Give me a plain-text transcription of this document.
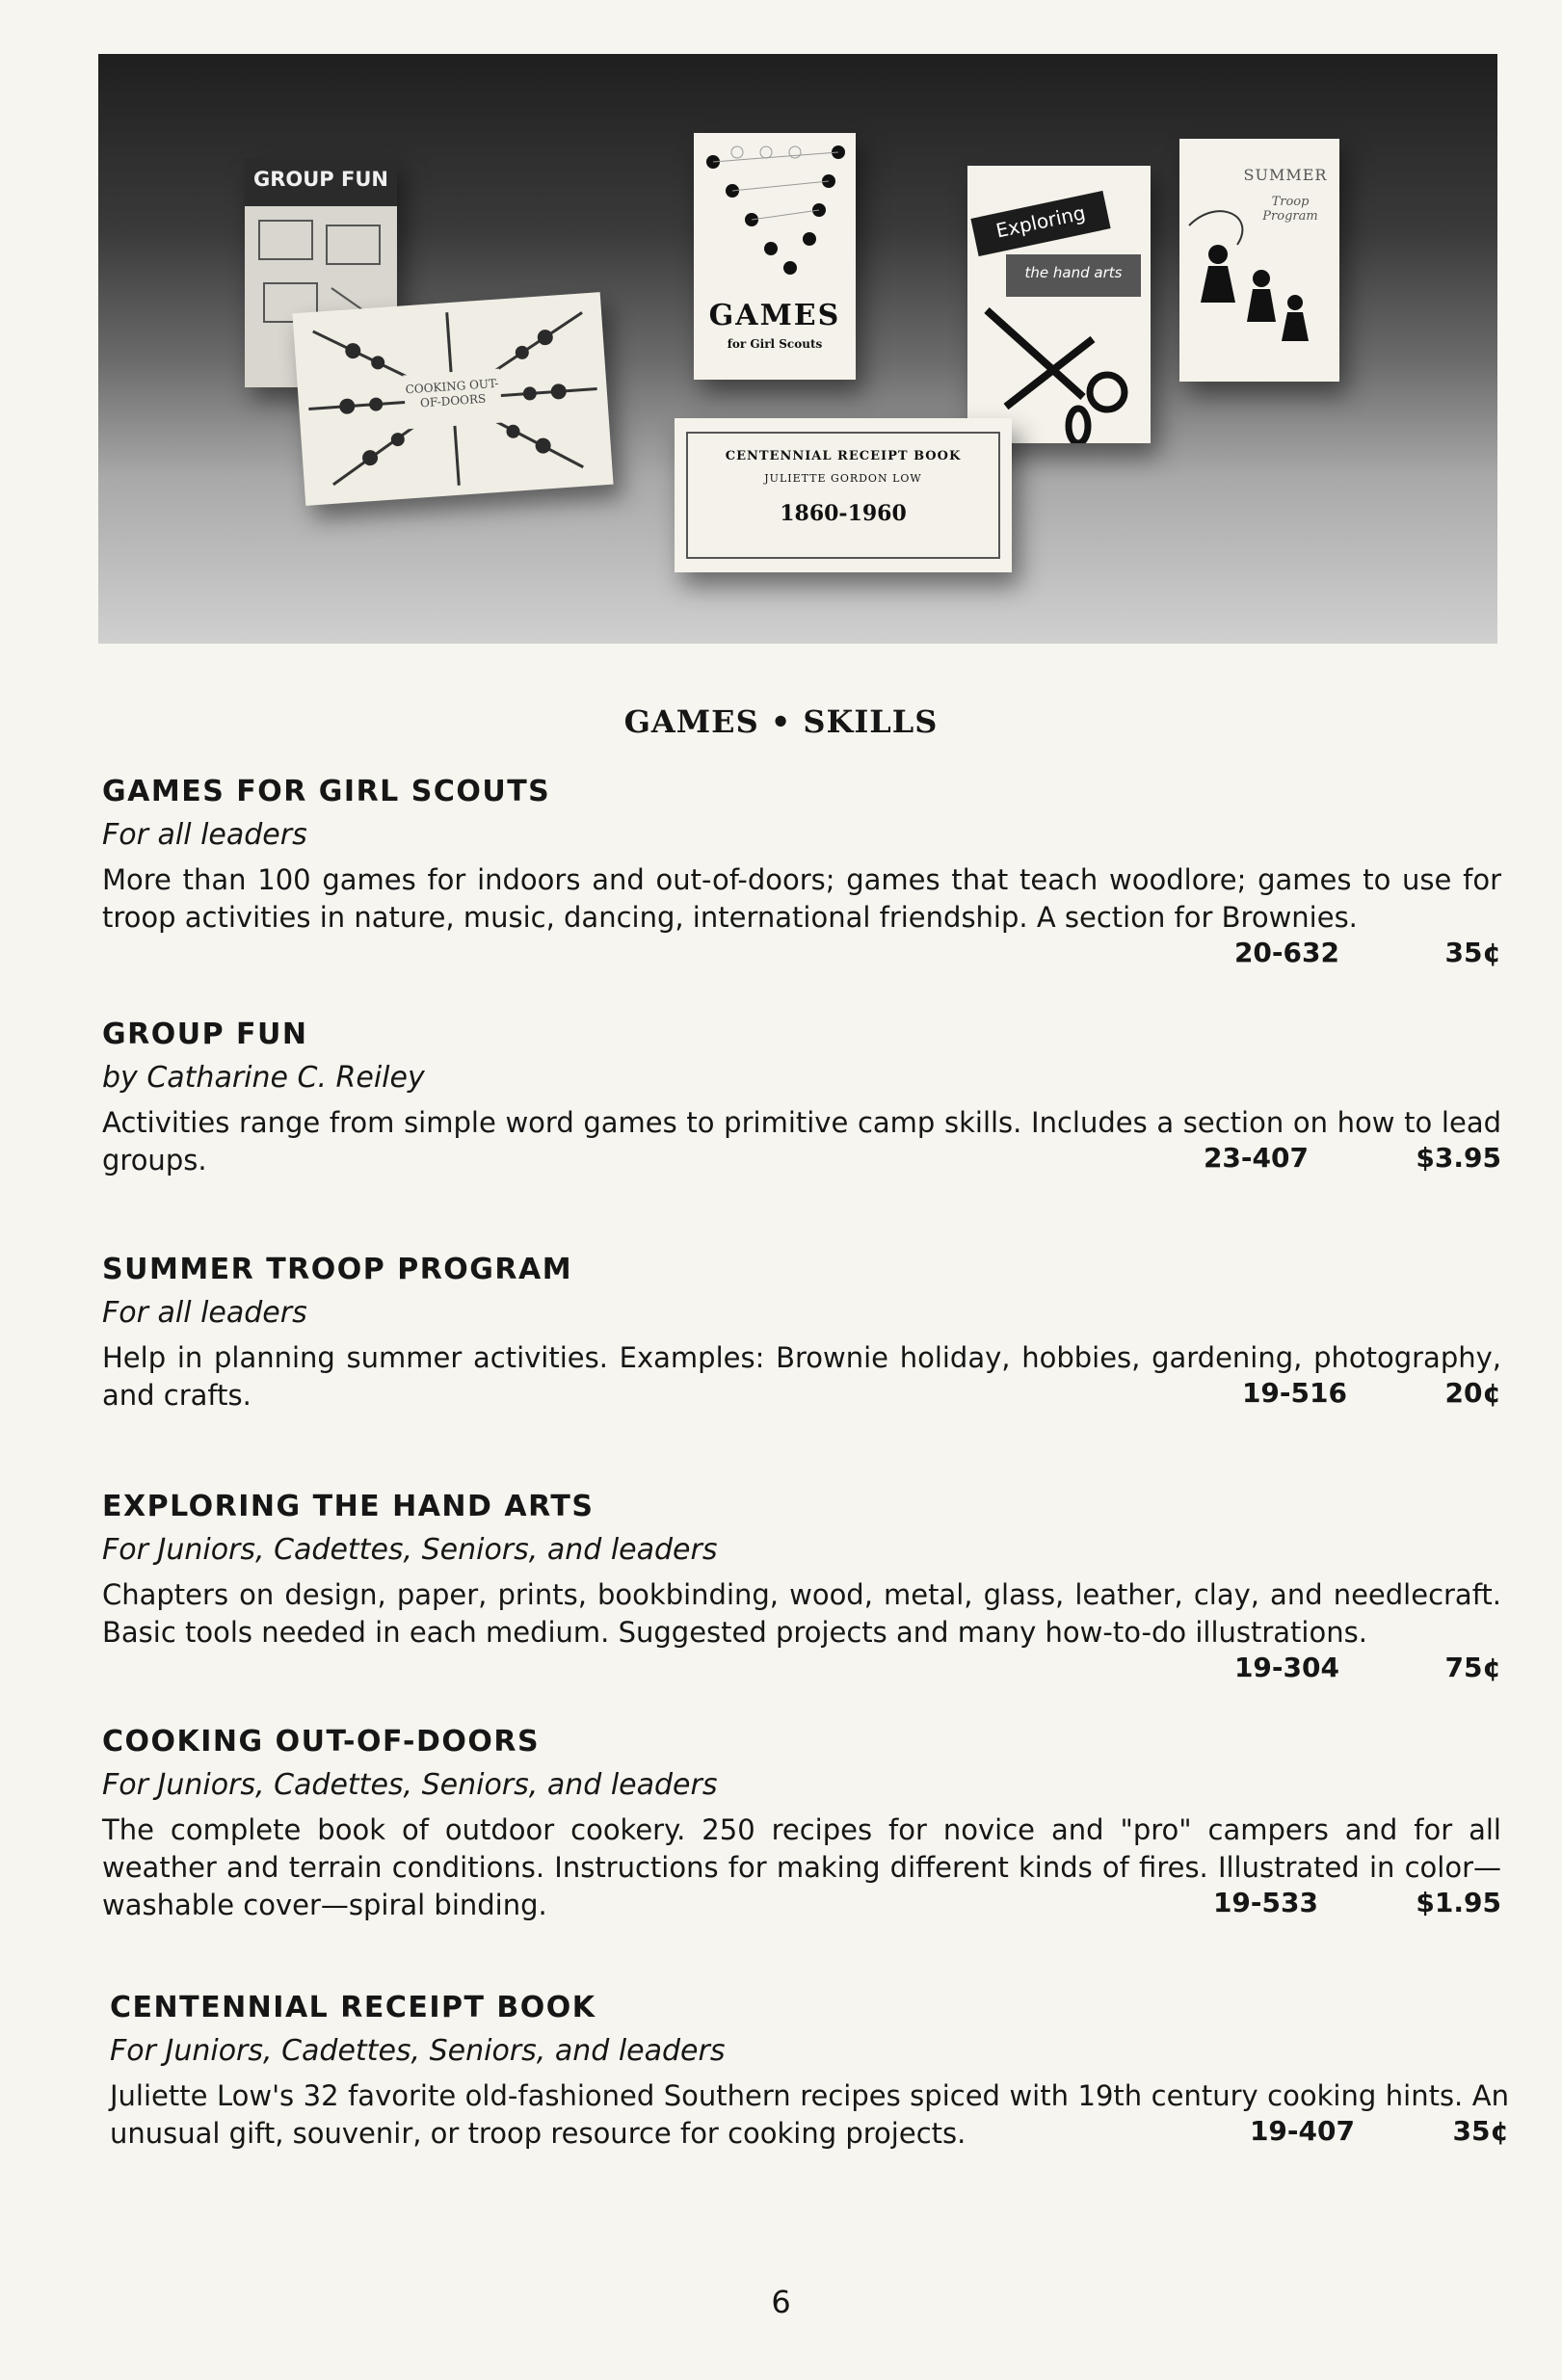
GROUP FUN
COOKING OUT-OF-DOORS
GAMES
for Girl Scouts
Exploring
the hand arts
SUMMER
Troop Program
CENTENNIAL RECEIPT BOOK
JULIETTE GORDON LOW
1860-1960
GAMES • SKILLS
GAMES FOR GIRL SCOUTS
For all leaders

More than 100 games for indoors and out-of-doors; games that teach woodlore; games to use for troop activities in nature, music, dancing, international friendship. A section for Brownies.

20-632	35¢
GROUP FUN
by Catharine C. Reiley

Activities range from simple word games to primitive camp skills. Includes a section on how to lead groups.	23-407	$3.95
SUMMER TROOP PROGRAM
For all leaders

Help in planning summer activities. Examples: Brownie holiday, hobbies, gardening, photography, and crafts.	19-516	20¢
EXPLORING THE HAND ARTS
For Juniors, Cadettes, Seniors, and leaders

Chapters on design, paper, prints, bookbinding, wood, metal, glass, leather, clay, and needlecraft. Basic tools needed in each medium. Suggested projects and many how-to-do illustrations.

19-304	75¢
COOKING OUT-OF-DOORS
For Juniors, Cadettes, Seniors, and leaders

The complete book of outdoor cookery. 250 recipes for novice and "pro" campers and for all weather and terrain conditions. Instructions for making different kinds of fires. Illustrated in color—washable cover—spiral binding.	19-533	$1.95
CENTENNIAL RECEIPT BOOK
For Juniors, Cadettes, Seniors, and leaders

Juliette Low's 32 favorite old-fashioned Southern recipes spiced with 19th century cooking hints. An unusual gift, souvenir, or troop resource for cooking projects.	19-407	35¢
6
